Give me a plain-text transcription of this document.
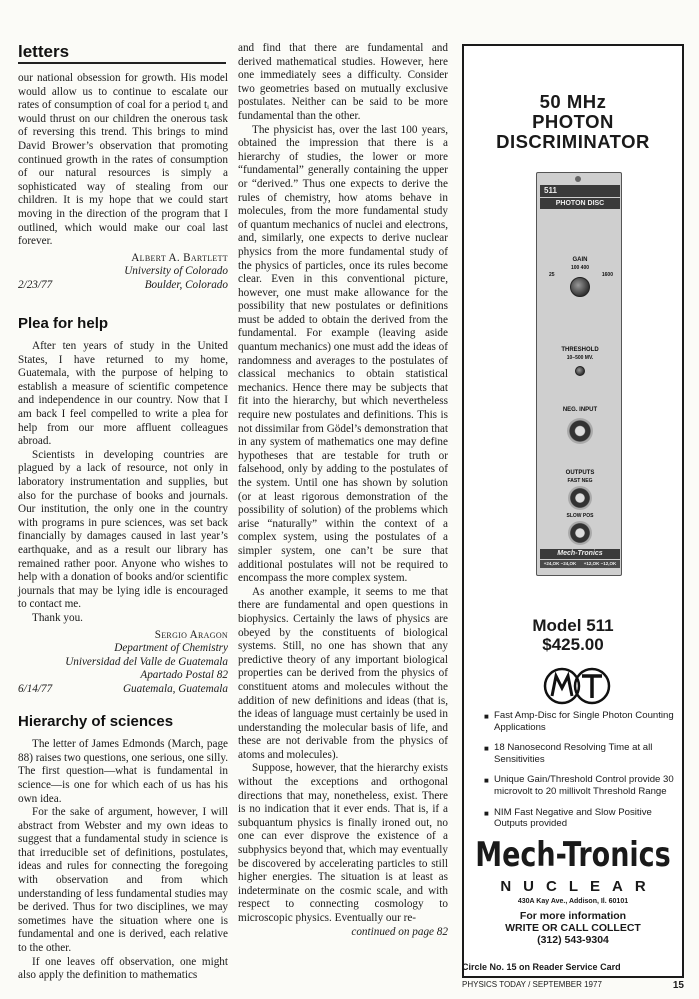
letters

our national obsession for growth. His model would allow us to continue to escalate our rates of consumption of coal for a period tᵢ and would thrust on our children the onerous task of reversing this trend. This brings to mind David Brower’s observation that promoting continued growth in the rates of consumption of our natural resources is simply a sophisticated way of stealing from our children. It is my hope that we could start moving in the direction of the program that I outlined, which would make our coal last forever.

Albert A. Bartlett
University of Colorado
2/23/77	Boulder, Colorado
Plea for help

After ten years of study in the United States, I have returned to my home, Guatemala, with the purpose of helping to establish a measure of scientific competence and independence in our country. Now that I am back I feel compelled to write a plea for help from our more affluent colleagues abroad.

Scientists in developing countries are plagued by a lack of resource, not only in laboratory instrumentation and supplies, but also for the purchase of books and journals. Our institution, the only one in the country with programs in pure sciences, was set back financially by damages caused in last year’s earthquake, and as a result our library has remained rather poor. Anyone who wishes to help with a donation of books and/or scientific journals that may be lying idle is encouraged to contact me.

Thank you.

Sergio Aragon
Department of Chemistry
Universidad del Valle de Guatemala
Apartado Postal 82
6/14/77	Guatemala, Guatemala
Hierarchy of sciences

The letter of James Edmonds (March, page 88) raises two questions, one serious, one silly. The first question—what is fundamental in science—is one for which each of us has his own idea.

For the sake of argument, however, I will abstract from Webster and my own ideas to suggest that a fundamental study in science is that irreducible set of definitions, postulates, ideas and rules for connecting the foregoing with observation and from which understanding of less fundamental studies may be derived. Thus for two disciplines, we may sometimes have the situation where one is fundamental and one is derived, each relative to the other.

If one leaves off observation, one might also apply the definition to mathematics

and find that there are fundamental and derived mathematical studies. However, here one immediately sees a difficulty. Consider two geometries based on mutually exclusive postulates. Neither can be said to be more fundamental than the other.

The physicist has, over the last 100 years, obtained the impression that there is a hierarchy of studies, the lower or more “fundamental” generally containing the upper or “derived.” Thus one expects to derive the rules of chemistry, how atoms behave in molecules, from the more fundamental study of quantum mechanics of nuclei and electrons, and, similarly, one expects to derive nuclear physics from the more fundamental study of the physics of particles, once its rules become clear. Even in this conventional picture, however, one must make allowance for the possibility that new postulates or definitions must be added to obtain the derived from the fundamental. For example (leaving aside quantum mechanics) one must add the ideas of randomness and averages to the postulates of classical mechanics to obtain statistical mechanics. Hence there may be subjects that fit into the hierarchy, but which nevertheless require new postulates and definitions. This is not dissimilar from Gödel’s demonstration that in any system of mathematics one may define hypotheses that are testable for truth or falsehood, only by adding to the postulates of the system. Until one has shown by solution (or at least rigorous demonstration of the possibility of solution) of the problems which arise “naturally” within the context of a complex system, using the postulates of a simpler system, one can’t be sure that additional postulates will not be required to encompass the more complex system.

As another example, it seems to me that there are fundamental and open questions in biophysics. Certainly the laws of physics are obeyed by the constituents of biological systems. Still, no one has shown that any predictive theory of any important biological properties can be derived from the physics of constituent atoms and molecules without the addition of new definitions and ideas (that is, the ideas of language must certainly be used in understanding the molecular basis of life, and these are not derivable from the physics of atoms and molecules).

Suppose, however, that the hierarchy exists without the exceptions and orthogonal directions that may, nonetheless, exist. There is no indication that it ever ends. That is, if a subquantum physics is finally ironed out, no one can ever disprove the existence of a subphysics beyond that, which may eventually be discovered by accelerating particles to still higher energies. The situation is at least as indeterminate on the cosmic scale, and with respect to connecting cosmology to microscopic physics. Eventually our re-

continued on page 82
50 MHz
PHOTON
DISCRIMINATOR
511
PHOTON DISC
GAIN
100 400
25	1600
THRESHOLD
10–500 MV.
NEG. INPUT
OUTPUTS
FAST NEG
SLOW POS
Mech-Tronics
+24,OK −24,OK +12,OK −12,OK
Model 511
$425.00
■ Fast Amp-Disc for Single Photon Counting Applications
■ 18 Nanosecond Resolving Time at all Sensitivities
■ Unique Gain/Threshold Control provide 30 microvolt to 20 millivolt Threshold Range
■ NIM Fast Negative and Slow Positive Outputs provided
Mech-Tronics
NUCLEAR
430A Kay Ave., Addison, Il. 60101
For more information
WRITE OR CALL COLLECT
(312) 543-9304
Circle No. 15 on Reader Service Card
PHYSICS TODAY / SEPTEMBER 1977	15
